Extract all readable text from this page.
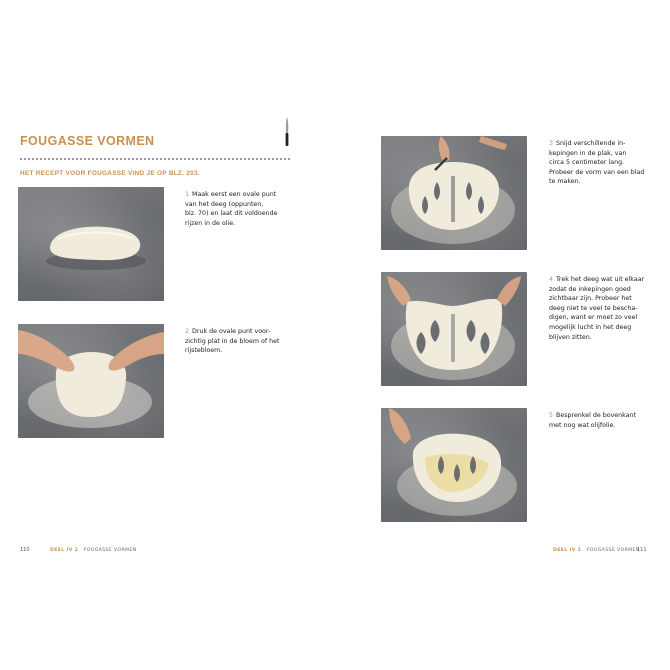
FOUGASSE VORMEN
HET RECEPT VOOR FOUGASSE VIND JE OP BLZ. 203.

1 Maak eerst een ovale punt
van het deeg (oppunten,
blz. 70) en laat dit voldoende
rijzen in de olie.

2 Druk de ovale punt voor-
zichtig plat in de bloem of het
rijstebloem.

110	DEEL IV 2 FOUGASSE VORMEN

3 Snijd verschillende in-
kepingen in de plak, van
circa 5 centimeter lang.
Probeer de vorm van een blad
te maken.

4 Trek het deeg wat uit elkaar
zodat de inkepingen goed
zichtbaar zijn. Probeer het
deeg niet te veel te bescha-
digen, want er moet zo veel
mogelijk lucht in het deeg
blijven zitten.

5 Besprenkel de bovenkant
met nog wat olijfolie.

DEEL IV 2 FOUGASSE VORMEN
111
